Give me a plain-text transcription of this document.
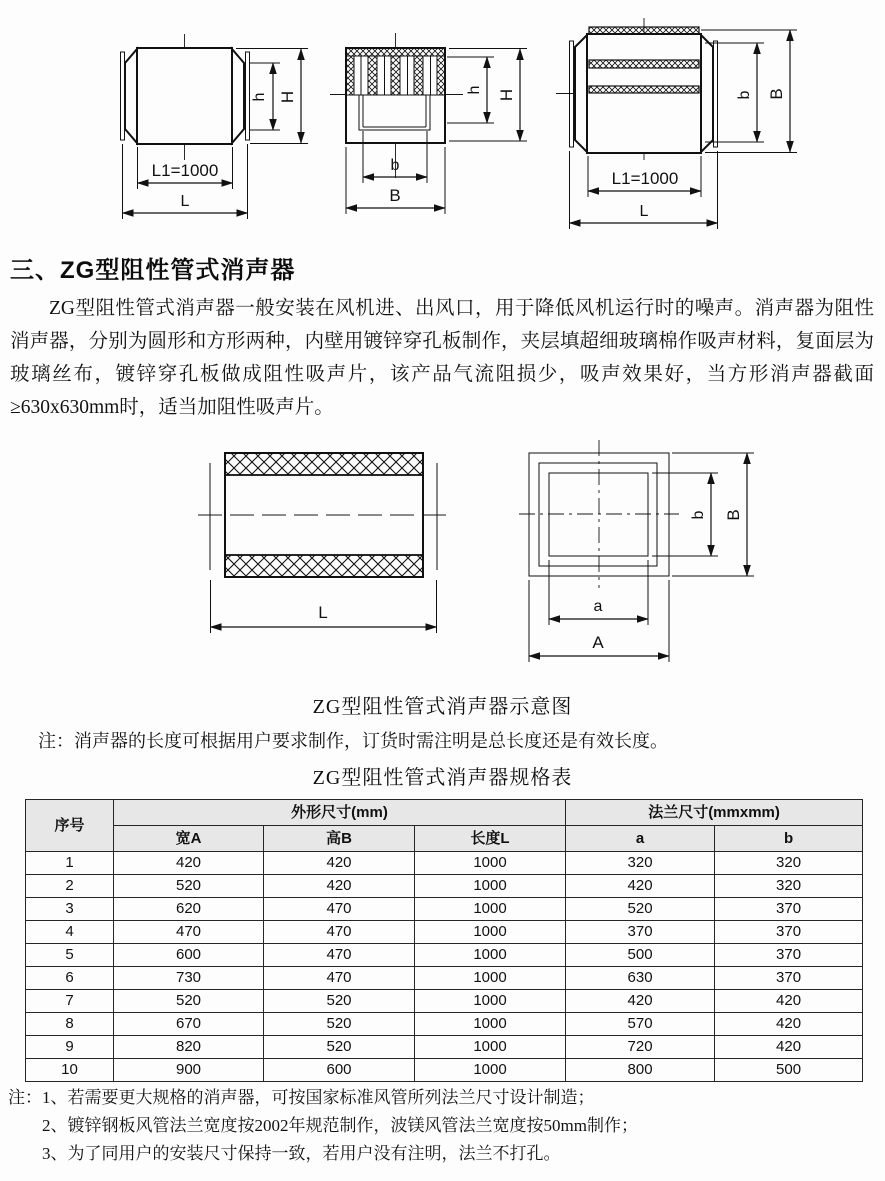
h H
L1=1000
L
h H
b
B
b B
L1=1000
L
三、ZG型阻性管式消声器
ZG型阻性管式消声器一般安装在风机进、出风口，用于降低风机运行时的噪声。消声器为阻性消声器，分别为圆形和方形两种，内壁用镀锌穿孔板制作，夹层填超细玻璃棉作吸声材料，复面层为玻璃丝布，镀锌穿孔板做成阻性吸声片，该产品气流阻损少，吸声效果好，当方形消声器截面≥630x630mm时，适当加阻性吸声片。
L
b B
a
A
ZG型阻性管式消声器示意图
注：消声器的长度可根据用户要求制作，订货时需注明是总长度还是有效长度。
ZG型阻性管式消声器规格表
序号	外形尺寸(mm)			法兰尺寸(mmxmm)	
	宽A	高B	长度L	a	b
1	420	420	1000	320	320
2	520	420	1000	420	320
3	620	470	1000	520	370
4	470	470	1000	370	370
5	600	470	1000	500	370
6	730	470	1000	630	370
7	520	520	1000	420	420
8	670	520	1000	570	420
9	820	520	1000	720	420
10	900	600	1000	800	500
注： 1、若需要更大规格的消声器，可按国家标准风管所列法兰尺寸设计制造；
2、镀锌钢板风管法兰宽度按2002年规范制作，波镁风管法兰宽度按50mm制作；
3、为了同用户的安装尺寸保持一致，若用户没有注明，法兰不打孔。
